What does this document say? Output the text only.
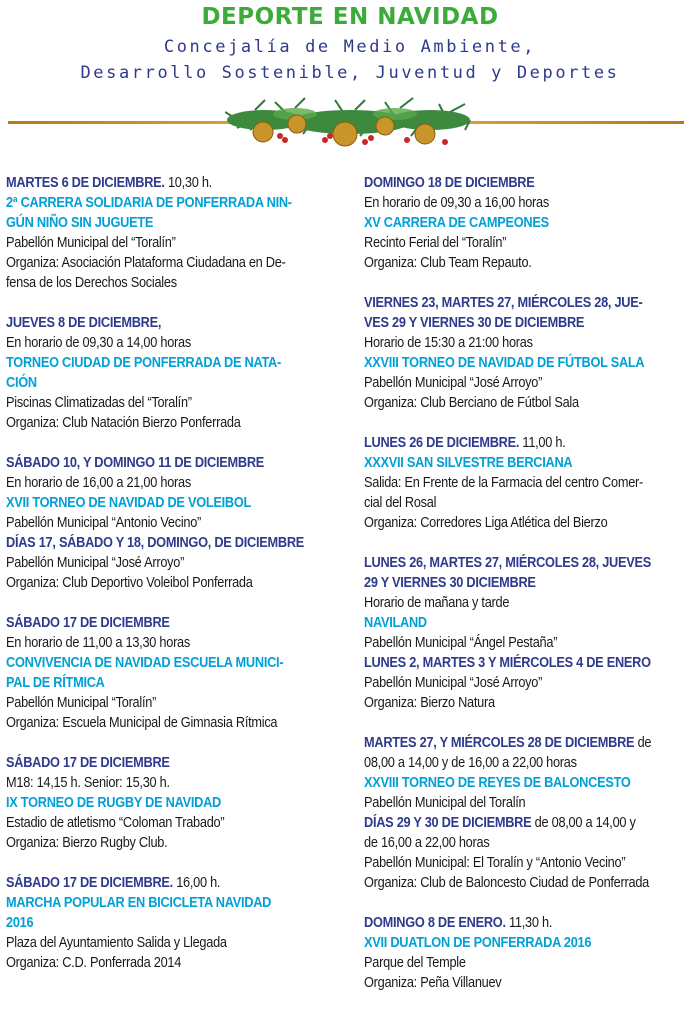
DEPORTE EN NAVIDAD
Concejalía de Medio Ambiente,
Desarrollo Sostenible, Juventud y Deportes
MARTES 6 DE DICIEMBRE. 10,30 h.
2ª CARRERA SOLIDARIA DE PONFERRADA NIN-
GÚN NIÑO SIN JUGUETE
Pabellón Municipal del “Toralín”
Organiza: Asociación Plataforma Ciudadana en De-
fensa de los Derechos Sociales
JUEVES 8 DE DICIEMBRE,
En horario de 09,30 a 14,00 horas
TORNEO CIUDAD DE PONFERRADA DE NATA-
CIÓN
Piscinas Climatizadas del “Toralín”
Organiza: Club Natación Bierzo Ponferrada
SÁBADO 10, Y DOMINGO 11 DE DICIEMBRE
En horario de 16,00 a 21,00 horas
XVII TORNEO DE NAVIDAD DE VOLEIBOL
Pabellón Municipal “Antonio Vecino”
DÍAS 17, SÁBADO Y 18, DOMINGO, DE DICIEMBRE
Pabellón Municipal “José Arroyo”
Organiza: Club Deportivo Voleibol Ponferrada
SÁBADO 17 DE DICIEMBRE
En horario de 11,00 a 13,30 horas
CONVIVENCIA DE NAVIDAD ESCUELA MUNICI-
PAL DE RÍTMICA
Pabellón Municipal “Toralín”
Organiza: Escuela Municipal de Gimnasia Rítmica
SÁBADO 17 DE DICIEMBRE
M18: 14,15 h. Senior: 15,30 h.
IX TORNEO DE RUGBY DE NAVIDAD
Estadio de atletismo “Coloman Trabado”
Organiza: Bierzo Rugby Club.
SÁBADO 17 DE DICIEMBRE. 16,00 h.
MARCHA POPULAR EN BICICLETA NAVIDAD
2016
Plaza del Ayuntamiento Salida y Llegada
Organiza: C.D. Ponferrada 2014
DOMINGO 18 DE DICIEMBRE
En horario de 09,30 a 16,00 horas
XV CARRERA DE CAMPEONES
Recinto Ferial del “Toralín”
Organiza: Club Team Repauto.
VIERNES 23, MARTES 27, MIÉRCOLES 28, JUE-
VES 29 Y VIERNES 30 DE DICIEMBRE
Horario de 15:30 a 21:00 horas
XXVIII TORNEO DE NAVIDAD DE FÚTBOL SALA
Pabellón Municipal “José Arroyo”
Organiza: Club Berciano de Fútbol Sala
LUNES 26 DE DICIEMBRE. 11,00 h.
XXXVII SAN SILVESTRE BERCIANA
Salida: En Frente de la Farmacia del centro Comer-
cial del Rosal
Organiza: Corredores Liga Atlética del Bierzo
LUNES 26, MARTES 27, MIÉRCOLES 28, JUEVES
29 Y VIERNES 30 DICIEMBRE
Horario de mañana y tarde
NAVILAND
Pabellón Municipal “Ángel Pestaña”
LUNES 2, MARTES 3 Y MIÉRCOLES 4 DE ENERO
Pabellón Municipal “José Arroyo”
Organiza: Bierzo Natura
MARTES 27, Y MIÉRCOLES 28 DE DICIEMBRE de
08,00 a 14,00 y de 16,00 a 22,00 horas
XXVIII TORNEO DE REYES DE BALONCESTO
Pabellón Municipal del Toralín
DÍAS 29 Y 30 DE DICIEMBRE de 08,00 a 14,00 y
de 16,00 a 22,00 horas
Pabellón Municipal: El Toralín y “Antonio Vecino”
Organiza: Club de Baloncesto Ciudad de Ponferrada
DOMINGO 8 DE ENERO. 11,30 h.
XVII DUATLON DE PONFERRADA 2016
Parque del Temple
Organiza: Peña Villanuev
